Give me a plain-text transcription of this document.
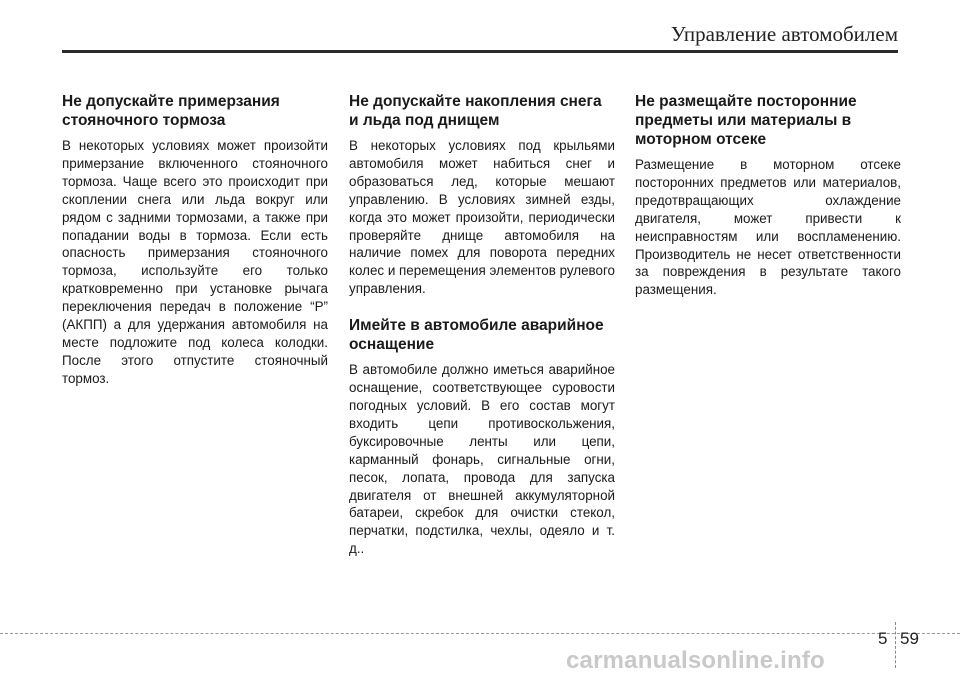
Управление автомобилем
Не допускайте примерзания стояночного тормоза

В некоторых условиях может произойти примерзание включенного стояночного тормоза. Чаще всего это происходит при скоплении снега или льда вокруг или рядом с задними тормозами, а также при попадании воды в тормоза. Если есть опасность примерзания стояночного тормоза, используйте его только кратковременно при установке рычага переключения передач в положение “P” (АКПП) а для удержания автомобиля на месте подложите под колеса колодки. После этого отпустите стояночный тормоз.

Не допускайте накопления снега и льда под днищем

В некоторых условиях под крыльями автомобиля может набиться снег и образоваться лед, которые мешают управлению. В условиях зимней езды, когда это может произойти, периодически проверяйте днище автомобиля на наличие помех для поворота передних колес и перемещения элементов рулевого управления.

Имейте в автомобиле аварийное оснащение

В автомобиле должно иметься аварийное оснащение, соответствующее суровости погодных условий. В его состав могут входить цепи противоскольжения, буксировочные ленты или цепи, карманный фонарь, сигнальные огни, песок, лопата, провода для запуска двигателя от внешней аккумуляторной батареи, скребок для очистки стекол, перчатки, подстилка, чехлы, одеяло и т. д..

Не размещайте посторонние предметы или материалы в моторном отсеке

Размещение в моторном отсеке посторонних предметов или материалов, предотвращающих охлаждение двигателя, может привести к неисправностям или воспламенению. Производитель не несет ответственности за повреждения в результате такого размещения.

5 59
carmanualsonline.info
